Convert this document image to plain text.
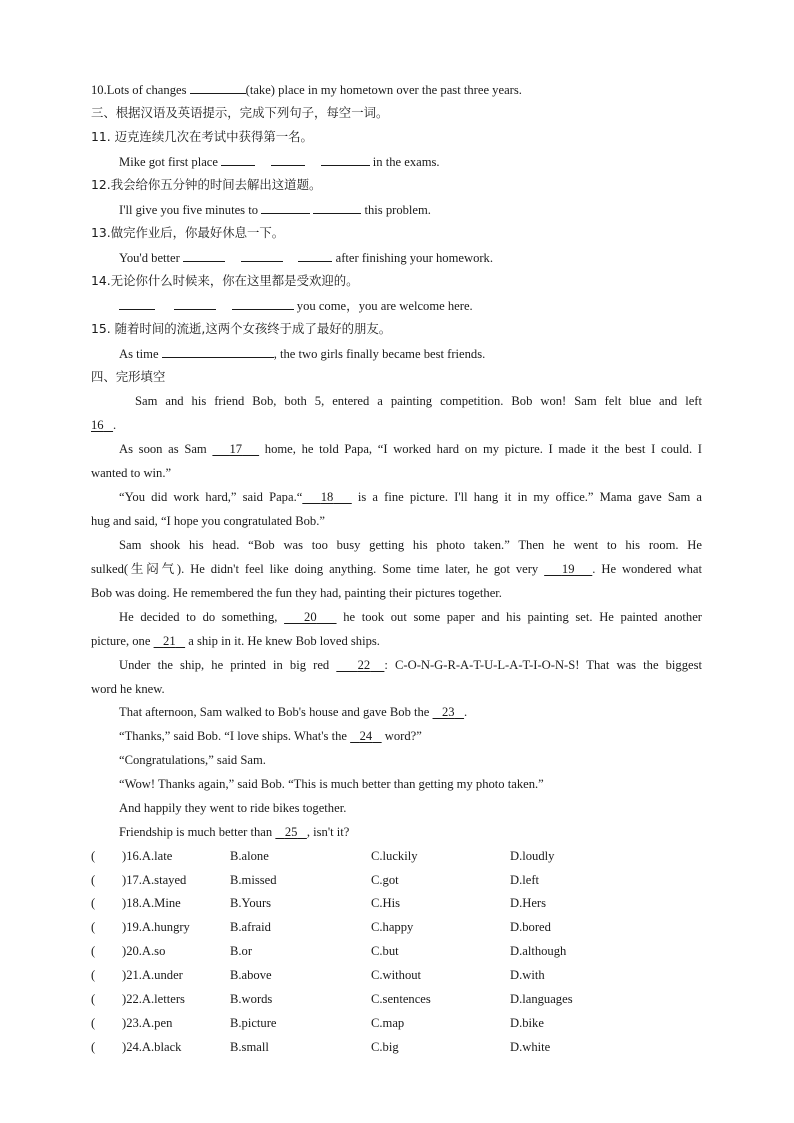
10.Lots of changes	(take) place in my hometown over the past three years.
三、根据汉语及英语提示，完成下列句子，每空一词。
11. 迈克连续几次在考试中获得第一名。
Mike got first place	in the exams.
12.我会给你五分钟的时间去解出这道题。
I'll give you five minutes to	this problem.
13.做完作业后，你最好休息一下。
You'd better	after finishing your homework.
14.无论你什么时候来，你在这里都是受欢迎的。
you come，you are welcome here.
15. 随着时间的流逝,这两个女孩终于成了最好的朋友。
As time	, the two girls finally became best friends.
四、完形填空
Sam and his friend Bob, both 5, entered a painting competition. Bob won! Sam felt blue and left
16 .
As soon as Sam    17    home, he told Papa, “I worked hard on my picture. I made it the best I could. I
wanted to win.”
“You did work hard,” said Papa.“ 18    is a fine picture. I'll hang it in my office.” Mama gave Sam a
hug and said, “I hope you congratulated Bob.”
Sam shook his head. “Bob was too busy getting his photo taken.” Then he went to his room. He
sulked(生闷气). He didn't feel like doing anything. Some time later, he got very    19 . He wondered what
Bob was doing. He remembered the fun they had, painting their pictures together.
He decided to do something,    20    he took out some paper and his painting set. He painted another
picture, one    21    a ship in it. He knew Bob loved ships.
Under the ship, he printed in big red    22 : C-O-N-G-R-A-T-U-L-A-T-I-O-N-S! That was the biggest
word he knew.
That afternoon, Sam walked to Bob's house and gave Bob the    23 .
“Thanks,” said Bob. “I love ships. What's the    24    word?”
“Congratulations,” said Sam.
“Wow! Thanks again,” said Bob. “This is much better than getting my photo taken.”
And happily they went to ride bikes together.
Friendship is much better than    25 , isn't it?
( )16.A.late	B.alone	C.luckily	D.loudly
( )17.A.stayed	B.missed	C.got	D.left
( )18.A.Mine	B.Yours	C.His	D.Hers
( )19.A.hungry	B.afraid	C.happy	D.bored
( )20.A.so	B.or	C.but	D.although
( )21.A.under	B.above	C.without	D.with
( )22.A.letters	B.words	C.sentences	D.languages
( )23.A.pen	B.picture	C.map	D.bike
( )24.A.black	B.small	C.big	D.white
